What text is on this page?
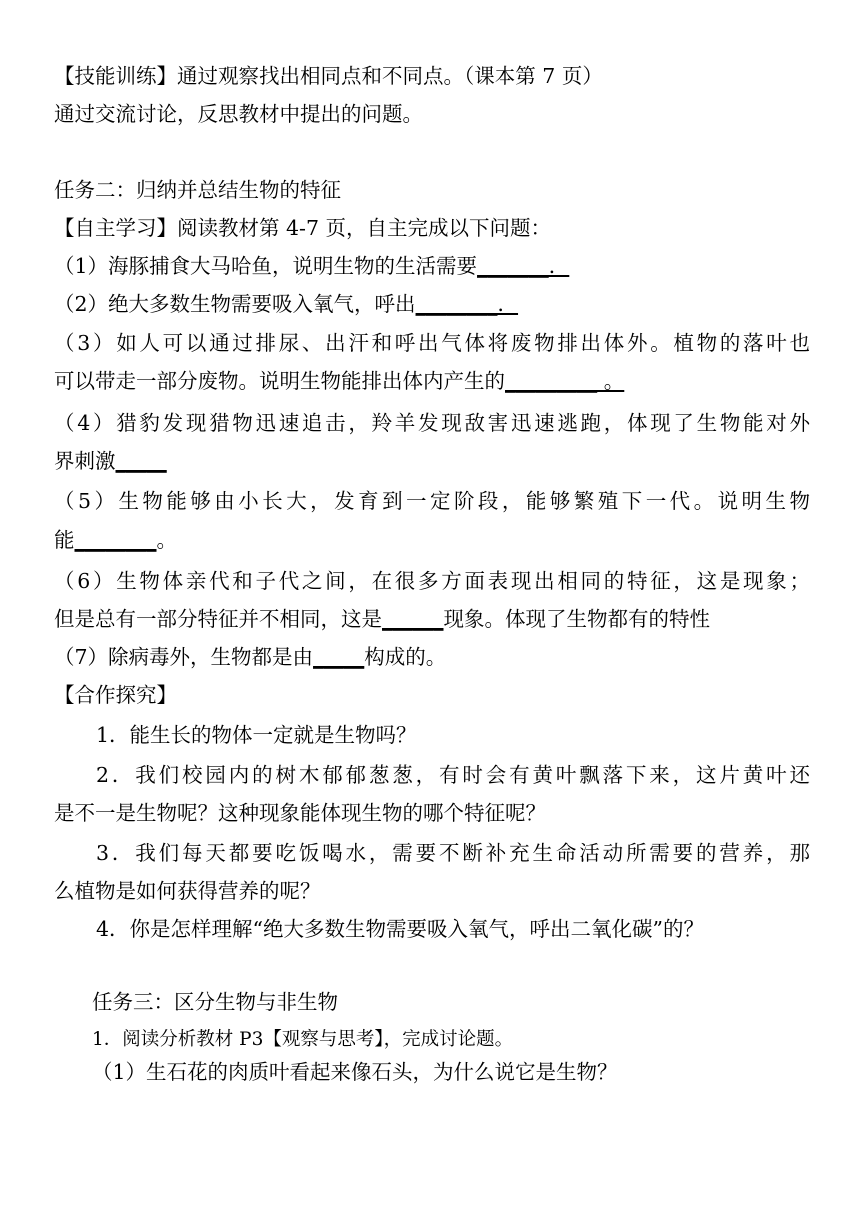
【技能训练】通过观察找出相同点和不同点。（课本第 7 页）
通过交流讨论，反思教材中提出的问题。
任务二：归纳并总结生物的特征
【自主学习】阅读教材第 4-7 页，自主完成以下问题：
（1）海豚捕食大马哈鱼，说明生物的生活需要_______．
（2）绝大多数生物需要吸入氧气，呼出________．
（3）如人可以通过排尿、出汗和呼出气体将废物排出体外。植物的落叶也
可以带走一部分废物。说明生物能排出体内产生的_________ 。
（4）猎豹发现猎物迅速追击，羚羊发现敌害迅速逃跑，体现了生物能对外
界刺激_____
（5）生物能够由小长大，发育到一定阶段，能够繁殖下一代。说明生物
能________。
（6）生物体亲代和子代之间，在很多方面表现出相同的特征，这是现象；
但是总有一部分特征并不相同，这是______现象。体现了生物都有的特性
（7）除病毒外，生物都是由_____构成的。
【合作探究】
1．能生长的物体一定就是生物吗？
2．我们校园内的树木郁郁葱葱，有时会有黄叶飘落下来，这片黄叶还
是不一是生物呢？这种现象能体现生物的哪个特征呢？
3．我们每天都要吃饭喝水，需要不断补充生命活动所需要的营养，那
么植物是如何获得营养的呢？
4．你是怎样理解“绝大多数生物需要吸入氧气，呼出二氧化碳”的？
任务三：区分生物与非生物
1．阅读分析教材 P3【观察与思考】，完成讨论题。
（1）生石花的肉质叶看起来像石头，为什么说它是生物？
